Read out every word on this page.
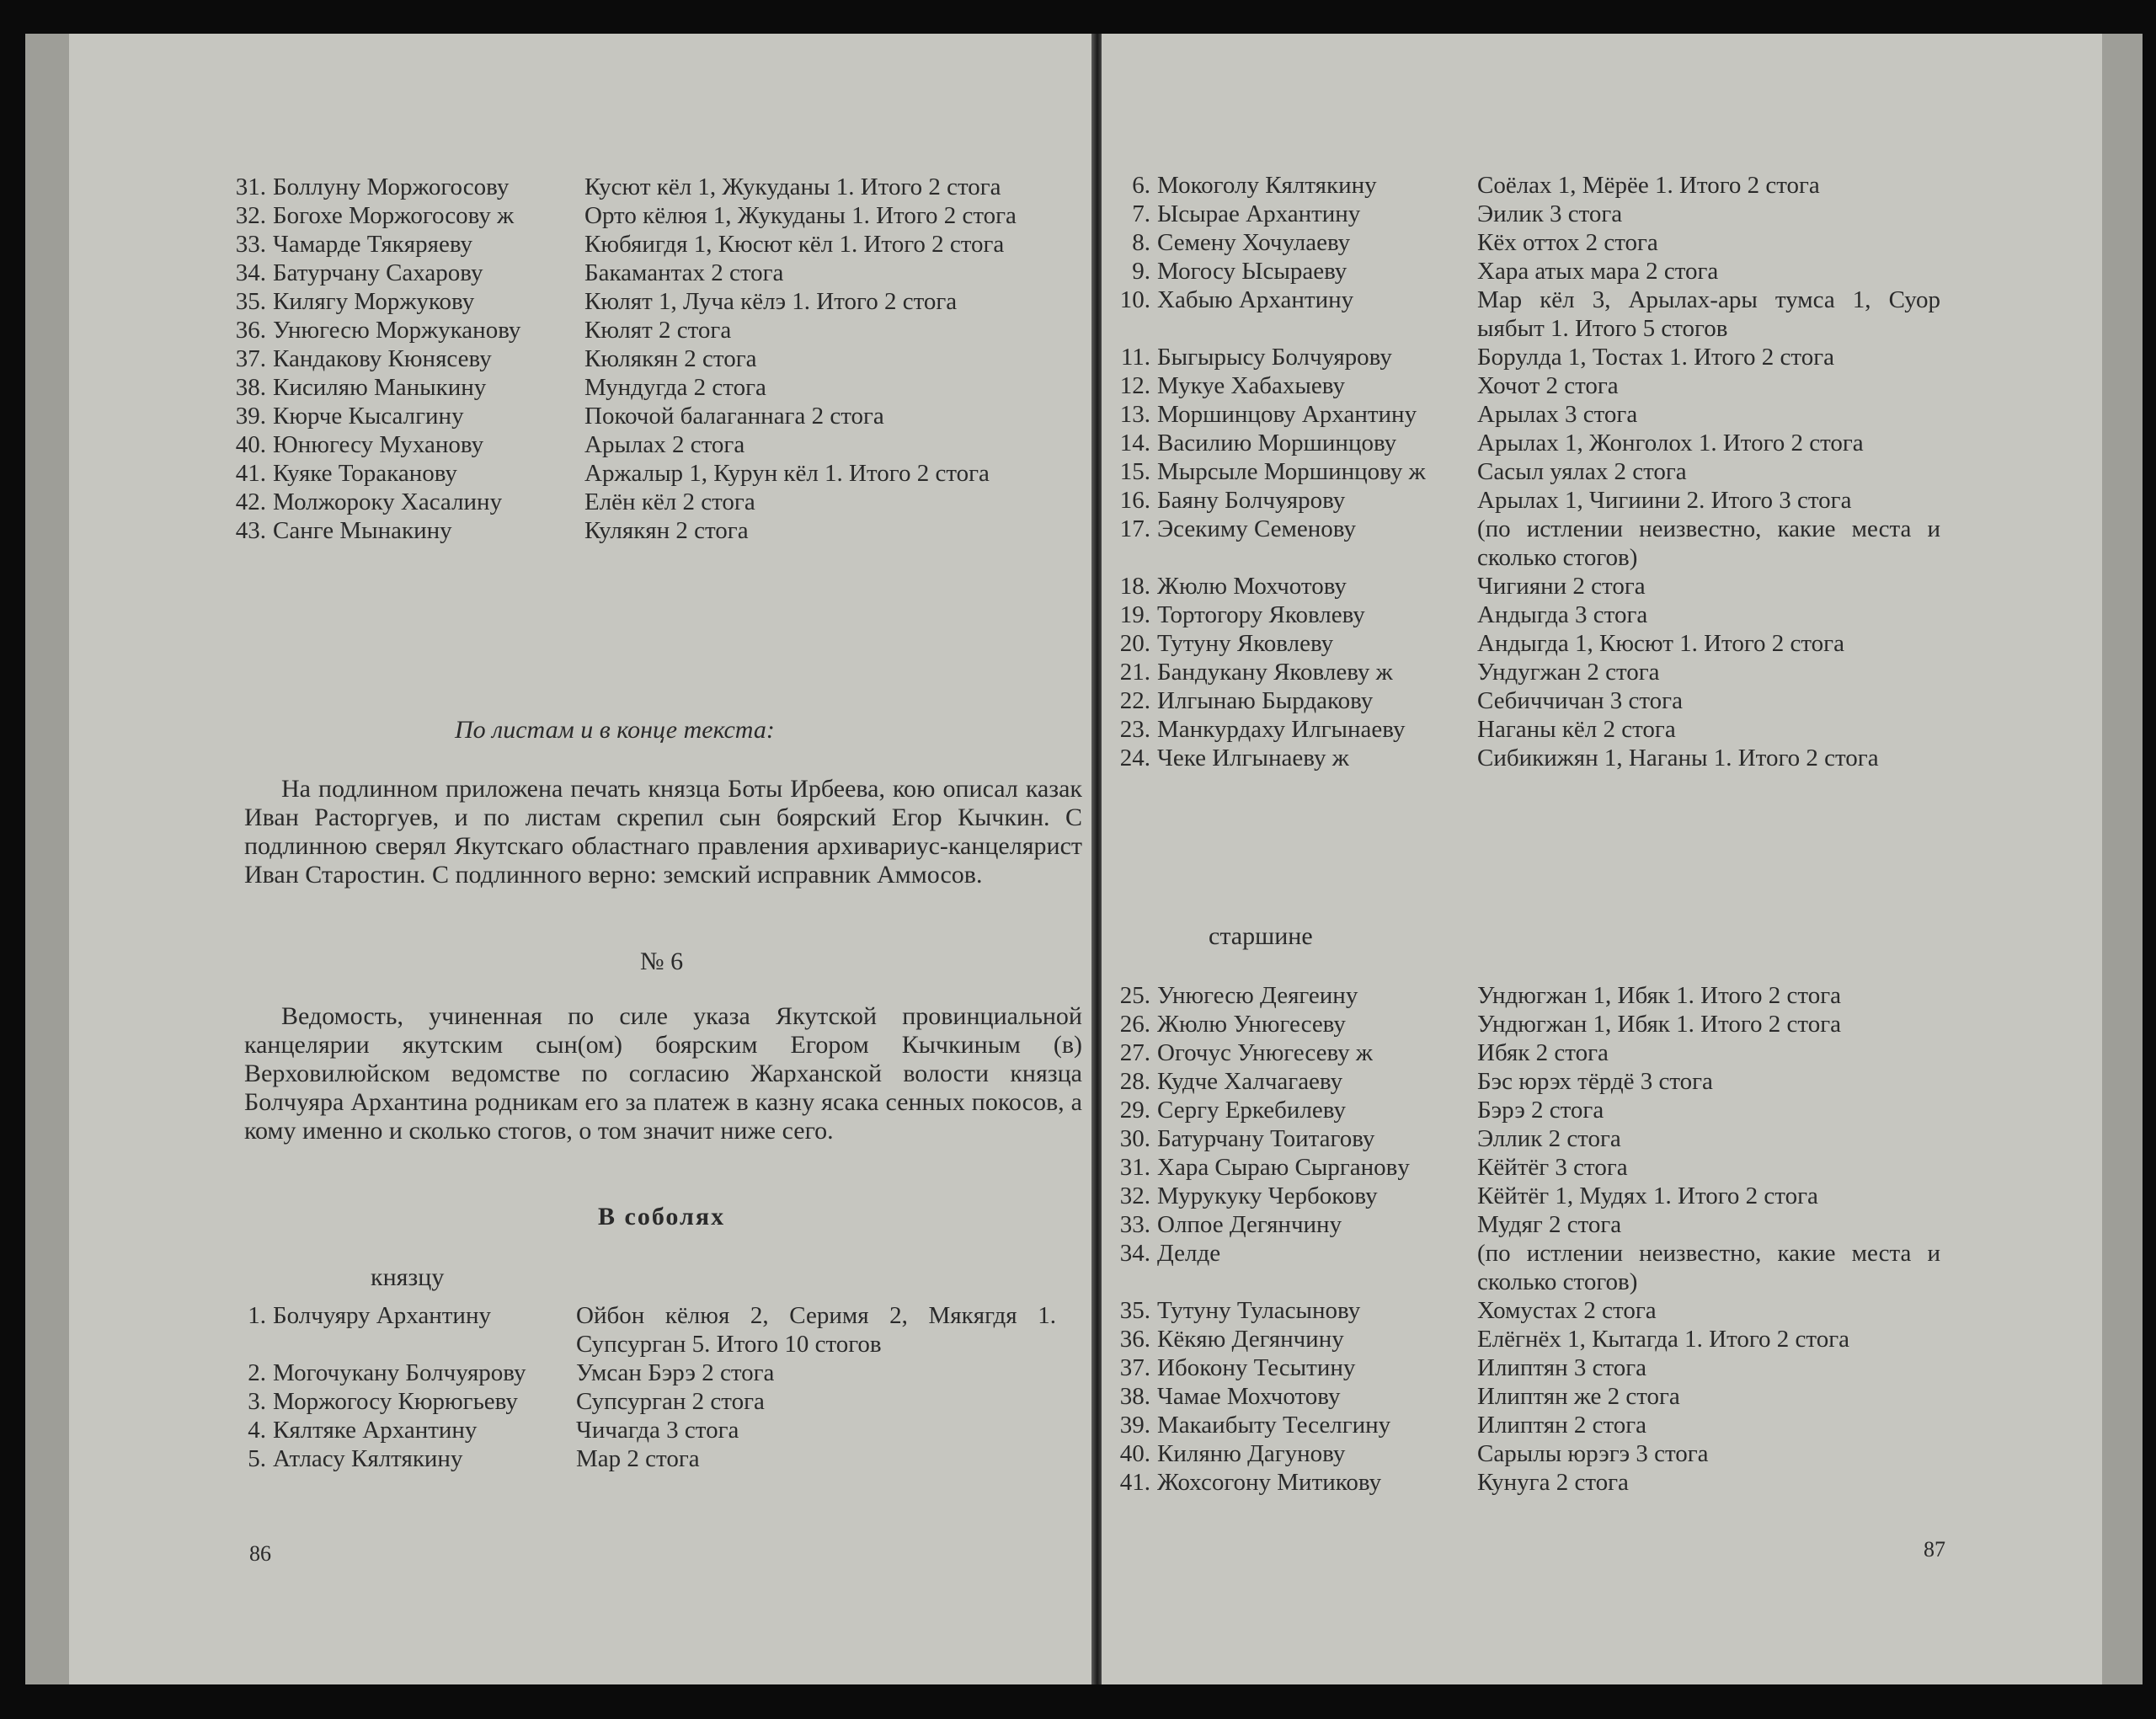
31. Боллуну Моржогосову	Кусют кёл 1, Жукуданы 1. Итого 2 стога
32. Богохе Моржогосову ж	Орто кёлюя 1, Жукуданы 1. Итого 2 стога
33. Чамарде Тякяряеву	Кюбяигдя 1, Кюсют кёл 1. Итого 2 стога
34. Батурчану Сахарову	Бакамантах 2 стога
35. Килягу Моржукову	Кюлят 1, Луча кёлэ 1. Итого 2 стога
36. Унюгесю Моржуканову	Кюлят 2 стога
37. Кандакову Кюнясеву	Кюлякян 2 стога
38. Кисиляю Маныкину	Мундугда 2 стога
39. Кюрче Кысалгину	Покочой балаганнага 2 стога
40. Юнюгесу Муханову	Арылах 2 стога
41. Куяке Тораканову	Аржалыр 1, Курун кёл 1. Итого 2 стога
42. Молжороку Хасалину	Елён кёл 2 стога
43. Санге Мынакину	Кулякян 2 стога
По листам и в конце текста:
На подлинном приложена печать князца Боты Ирбеева, кою описал казак Иван Расторгуев, и по листам скрепил сын боярский Егор Кычкин. С подлинною сверял Якутскаго областнаго правления архивариус-канцелярист Иван Старостин. С подлинного верно: земский исправник Аммосов.
№ 6
Ведомость, учиненная по силе указа Якутской провинциальной канцелярии якутским сын(ом) боярским Егором Кычкиным (в) Верховилюйском ведомстве по согласию Жарханской волости князца Болчуяра Архантина родникам его за платеж в казну ясака сенных покосов, а кому именно и сколько стогов, о том значит ниже сего.
В соболях
князцу
1. Болчуяру Архантину	Ойбон кёлюя 2, Серимя 2, Мякягдя 1. Супсурган 5. Итого 10 стогов
2. Могочукану Болчуярову	Умсан Бэрэ 2 стога
3. Моржогосу Кюрюгьеву	Супсурган 2 стога
4. Кялтяке Архантину	Чичагда 3 стога
5. Атласу Кялтякину	Мар 2 стога
86
6. Мокоголу Кялтякину	Соёлах 1, Мёрёе 1. Итого 2 стога
7. Ысырае Архантину	Эилик 3 стога
8. Семену Хочулаеву	Кёх оттох 2 стога
9. Могосу Ысыраеву	Хара атых мара 2 стога
10. Хабыю Архантину	Мар кёл 3, Арылах-ары тумса 1, Суор ыябыт 1. Итого 5 стогов
11. Быгырысу Болчуярову	Борулда 1, Тостах 1. Итого 2 стога
12. Мукуе Хабахыеву	Хочот 2 стога
13. Моршинцову Архантину	Арылах 3 стога
14. Василию Моршинцову	Арылах 1, Жонголох 1. Итого 2 стога
15. Мырсыле Моршинцову ж	Сасыл уялах 2 стога
16. Баяну Болчуярову	Арылах 1, Чигиини 2. Итого 3 стога
17. Эсекиму Семенову	(по истлении неизвестно, какие места и сколько стогов)
18. Жюлю Мохчотову	Чигияни 2 стога
19. Тортогору Яковлеву	Андыгда 3 стога
20. Тутуну Яковлеву	Андыгда 1, Кюсют 1. Итого 2 стога
21. Бандукану Яковлеву ж	Ундугжан 2 стога
22. Илгынаю Бырдакову	Себиччичан 3 стога
23. Манкурдаху Илгынаеву	Наганы кёл 2 стога
24. Чеке Илгынаеву ж	Сибикижян 1, Наганы 1. Итого 2 стога
старшине
25. Унюгесю Деягеину	Ундюгжан 1, Ибяк 1. Итого 2 стога
26. Жюлю Унюгесеву	Ундюгжан 1, Ибяк 1. Итого 2 стога
27. Огочус Унюгесеву ж	Ибяк 2 стога
28. Кудче Халчагаеву	Бэс юрэх тёрдё 3 стога
29. Сергу Еркебилеву	Бэрэ 2 стога
30. Батурчану Тоитагову	Эллик 2 стога
31. Хара Сыраю Сыргановy	Кёйтёг 3 стога
32. Мурукуку Чербокову	Кёйтёг 1, Мудях 1. Итого 2 стога
33. Олпое Дегянчину	Мудяг 2 стога
34. Делде	(по истлении неизвестно, какие места и сколько стогов)
35. Тутуну Туласынову	Хомустах 2 стога
36. Кёкяю Дегянчину	Елёгнёх 1, Кытагда 1. Итого 2 стога
37. Ибокону Тесытину	Илиптян 3 стога
38. Чамае Мохчотову	Илиптян же 2 стога
39. Макаибыту Теселгину	Илиптян 2 стога
40. Киляню Дагунову	Сарылы юрэгэ 3 стога
41. Жохсогону Митикову	Кунуга 2 стога
87
